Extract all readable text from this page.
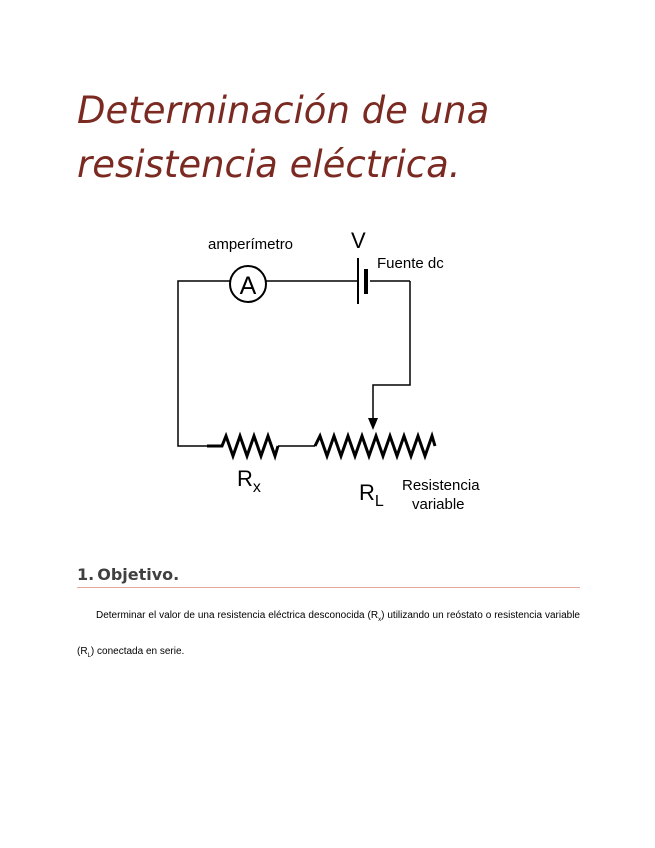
Determinación de una resistencia eléctrica.
A
amperímetro	V
Fuente dc
$R_x$	$R_L$
Resistencia
variable
1. Objetivo.

Determinar el valor de una resistencia eléctrica desconocida $(R_x)$ utilizando un reóstato o resistencia variable $(R_L)$ conectada en serie.
